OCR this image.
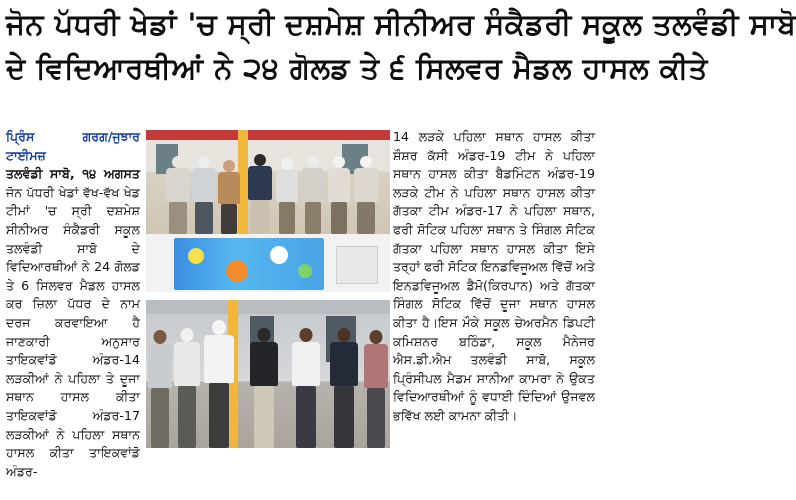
ਜੋਨ ਪੱਧਰੀ ਖੇਡਾਂ 'ਚ ਸ੍ਰੀ ਦਸ਼ਮੇਸ਼ ਸੀਨੀਅਰ ਸੰਕੈਡਰੀ ਸਕੂਲ ਤਲਵੰਡੀ ਸਾਬੋ
ਦੇ ਵਿਦਿਆਰਥੀਆਂ ਨੇ ੨੪ ਗੋਲਡ ਤੇ ੬ ਸਿਲਵਰ ਮੈਡਲ ਹਾਸਲ ਕੀਤੇ

ਪ੍ਰਿੰਸ ਗਰਗ/ਜੁਝਾਰ ਟਾਈਮਜ਼
ਤਲਵੰਡੀ ਸਾਬੋ, ੧੪ ਅਗਸਤ ਜੋਨ ਪੱਧਰੀ ਖੇਡਾਂ ਵੱਖ-ਵੱਖ ਖੇਡ ਟੀਮਾਂ 'ਚ ਸ੍ਰੀ ਦਸ਼ਮੇਸ਼ ਸੀਨੀਅਰ ਸੰਕੈਡਰੀ ਸਕੂਲ ਤਲਵੰਡੀ ਸਾਬੋ ਦੇ ਵਿਦਿਆਰਥੀਆਂ ਨੇ 24 ਗੋਲਡ ਤੇ 6 ਸਿਲਵਰ ਮੈਡਲ ਹਾਸਲ ਕਰ ਜ਼ਿਲਾ ਪੱਧਰ ਦੇ ਨਾਮ ਦਰਜ ਕਰਵਾਇਆ ਹੈ ਜਾਣਕਾਰੀ ਅਨੁਸਾਰ ਤਾਇਕਵਾਂਡੋ ਅੰਡਰ-14 ਲੜਕੀਆਂ ਨੇ ਪਹਿਲਾ ਤੇ ਦੂਜਾ ਸਥਾਨ ਹਾਸਲ ਕੀਤਾ ਤਾਇਕਵਾਂਡੋ ਅੰਡਰ-17 ਲੜਕੀਆਂ ਨੇ ਪਹਿਲਾ ਸਥਾਨ ਹਾਸਲ ਕੀਤਾ ਤਾਇਕਵਾਂਡੋ ਅੰਡਰ-

14 ਲੜਕੇ ਪਹਿਲਾ ਸਥਾਨ ਹਾਸਲ ਕੀਤਾ ਸ਼ੌਸ਼ਰ ਕੱਸੀ ਅੰਡਰ-19 ਟੀਮ ਨੇ ਪਹਿਲਾ ਸਥਾਨ ਹਾਸਲ ਕੀਤਾ ਬੈਡਮਿੰਟਨ ਅੰਡਰ-19 ਲੜਕੇ ਟੀਮ ਨੇ ਪਹਿਲਾ ਸਥਾਨ ਹਾਸਲ ਕੀਤਾ ਗੱਤਕਾ ਟੀਮ ਅੰਡਰ-17 ਨੇ ਪਹਿਲਾ ਸਥਾਨ, ਫਰੀ ਸੋਟਿਕ ਪਹਿਲਾ ਸਥਾਨ ਤੇ ਸਿੰਗਲ ਸੋਟਿਕ ਗੱਤਕਾ ਪਹਿਲਾ ਸਥਾਨ ਹਾਸਲ ਕੀਤਾ ਇਸੇ ਤਰ੍ਹਾਂ ਫਰੀ ਸੋਟਿਕ ਇਨਡਵਿਜੂਅਲ ਵਿੱਚੋਂ ਅਤੇ ਇਨਡਵਿਜੂਅਲ ਡੈਮੋ(ਕਿਰਪਾਨ) ਅਤੇ ਗੱਤਕਾ ਸਿੰਗਲ ਸੋਟਿਕ ਵਿੱਚੋਂ ਦੂਜਾ ਸਥਾਨ ਹਾਸਲ ਕੀਤਾ ਹੈ।ਇਸ ਮੌਕੇ ਸਕੂਲ ਚੇਅਰਮੈਨ ਡਿਪਟੀ ਕਮਿਸ਼ਨਰ ਬਠਿੰਡਾ, ਸਕੂਲ ਮੈਨੇਜਰ ਐਸ.ਡੀ.ਐਮ ਤਲਵੰਡੀ ਸਾਬੋ, ਸਕੂਲ ਪ੍ਰਿੰਸੀਪਲ ਮੈਡਮ ਸਾਨੀਆ ਕਾਮਰਾ ਨੇ ਉਕਤ ਵਿਦਿਆਰਥੀਆਂ ਨੂੰ ਵਧਾਈ ਦਿੰਦਿਆਂ ਉਜਵਲ ਭਵਿੱਖ ਲਈ ਕਾਮਨਾ ਕੀਤੀ।
